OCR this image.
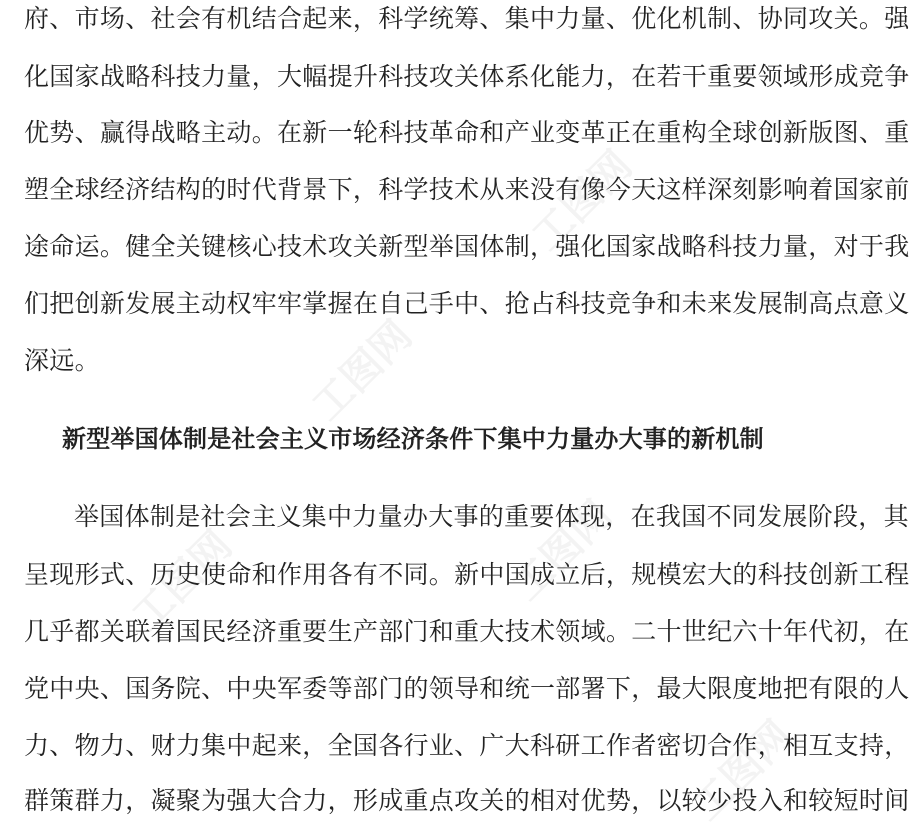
工图网
工图网
工图网	工图网
工图网
府、市场、社会有机结合起来，科学统筹、集中力量、优化机制、协同攻关。强
化国家战略科技力量，大幅提升科技攻关体系化能力，在若干重要领域形成竞争
优势、赢得战略主动。在新一轮科技革命和产业变革正在重构全球创新版图、重
塑全球经济结构的时代背景下，科学技术从来没有像今天这样深刻影响着国家前
途命运。健全关键核心技术攻关新型举国体制，强化国家战略科技力量，对于我
们把创新发展主动权牢牢掌握在自己手中、抢占科技竞争和未来发展制高点意义
深远。
新型举国体制是社会主义市场经济条件下集中力量办大事的新机制
举国体制是社会主义集中力量办大事的重要体现，在我国不同发展阶段，其
呈现形式、历史使命和作用各有不同。新中国成立后，规模宏大的科技创新工程
几乎都关联着国民经济重要生产部门和重大技术领域。二十世纪六十年代初，在
党中央、国务院、中央军委等部门的领导和统一部署下，最大限度地把有限的人
力、物力、财力集中起来，全国各行业、广大科研工作者密切合作，相互支持，
群策群力，凝聚为强大合力，形成重点攻关的相对优势，以较少投入和较短时间
